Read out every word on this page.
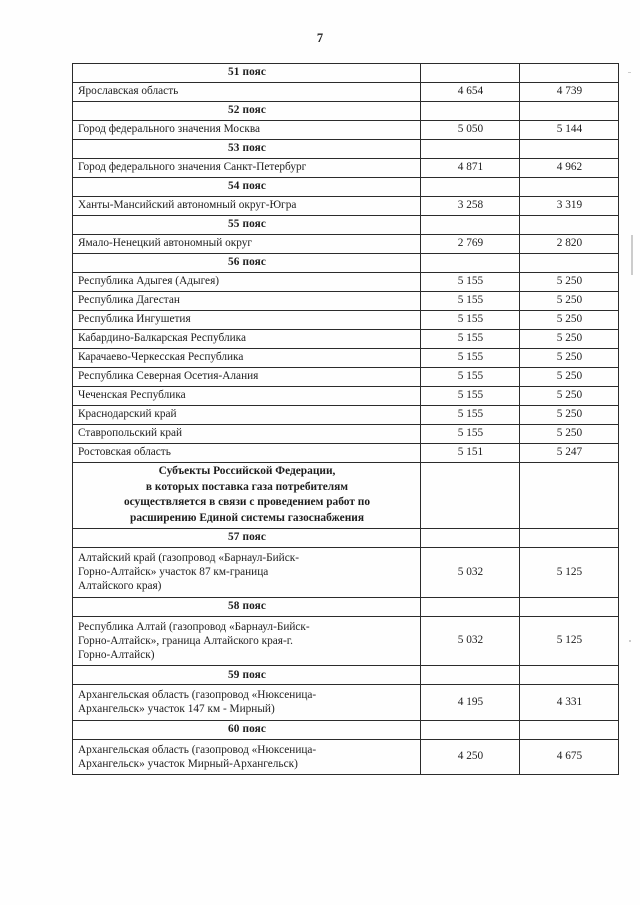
7
51 пояс		
Ярославская область	4 654	4 739
52 пояс		
Город федерального значения Москва	5 050	5 144
53 пояс		
Город федерального значения Санкт-Петербург	4 871	4 962
54 пояс		
Ханты-Мансийский автономный округ-Югра	3 258	3 319
55 пояс		
Ямало-Ненецкий автономный округ	2 769	2 820
56 пояс		
Республика Адыгея (Адыгея)	5 155	5 250
Республика Дагестан	5 155	5 250
Республика Ингушетия	5 155	5 250
Кабардино-Балкарская Республика	5 155	5 250
Карачаево-Черкесская Республика	5 155	5 250
Республика Северная Осетия-Алания	5 155	5 250
Чеченская Республика	5 155	5 250
Краснодарский край	5 155	5 250
Ставропольский край	5 155	5 250
Ростовская область	5 151	5 247

Субъекты Российской Федерации,
в которых поставка газа потребителям
осуществляется в связи с проведением работ по
расширению Единой системы газоснабжения		

57 пояс		

Алтайский край (газопровод «Барнаул-Бийск-
Горно-Алтайск» участок 87 км-граница
Алтайского края)	5 032	5 125
58 пояс		

Республика Алтай (газопровод «Барнаул-Бийск-
Горно-Алтайск», граница Алтайского края-г.
Горно-Алтайск)	5 032	5 125
59 пояс		

Архангельская область (газопровод «Нюксеница-
Архангельск» участок 147 км - Мирный)	4 195	4 331
60 пояс		

Архангельская область (газопровод «Нюксеница-
Архангельск» участок Мирный-Архангельск)	4 250	4 675
